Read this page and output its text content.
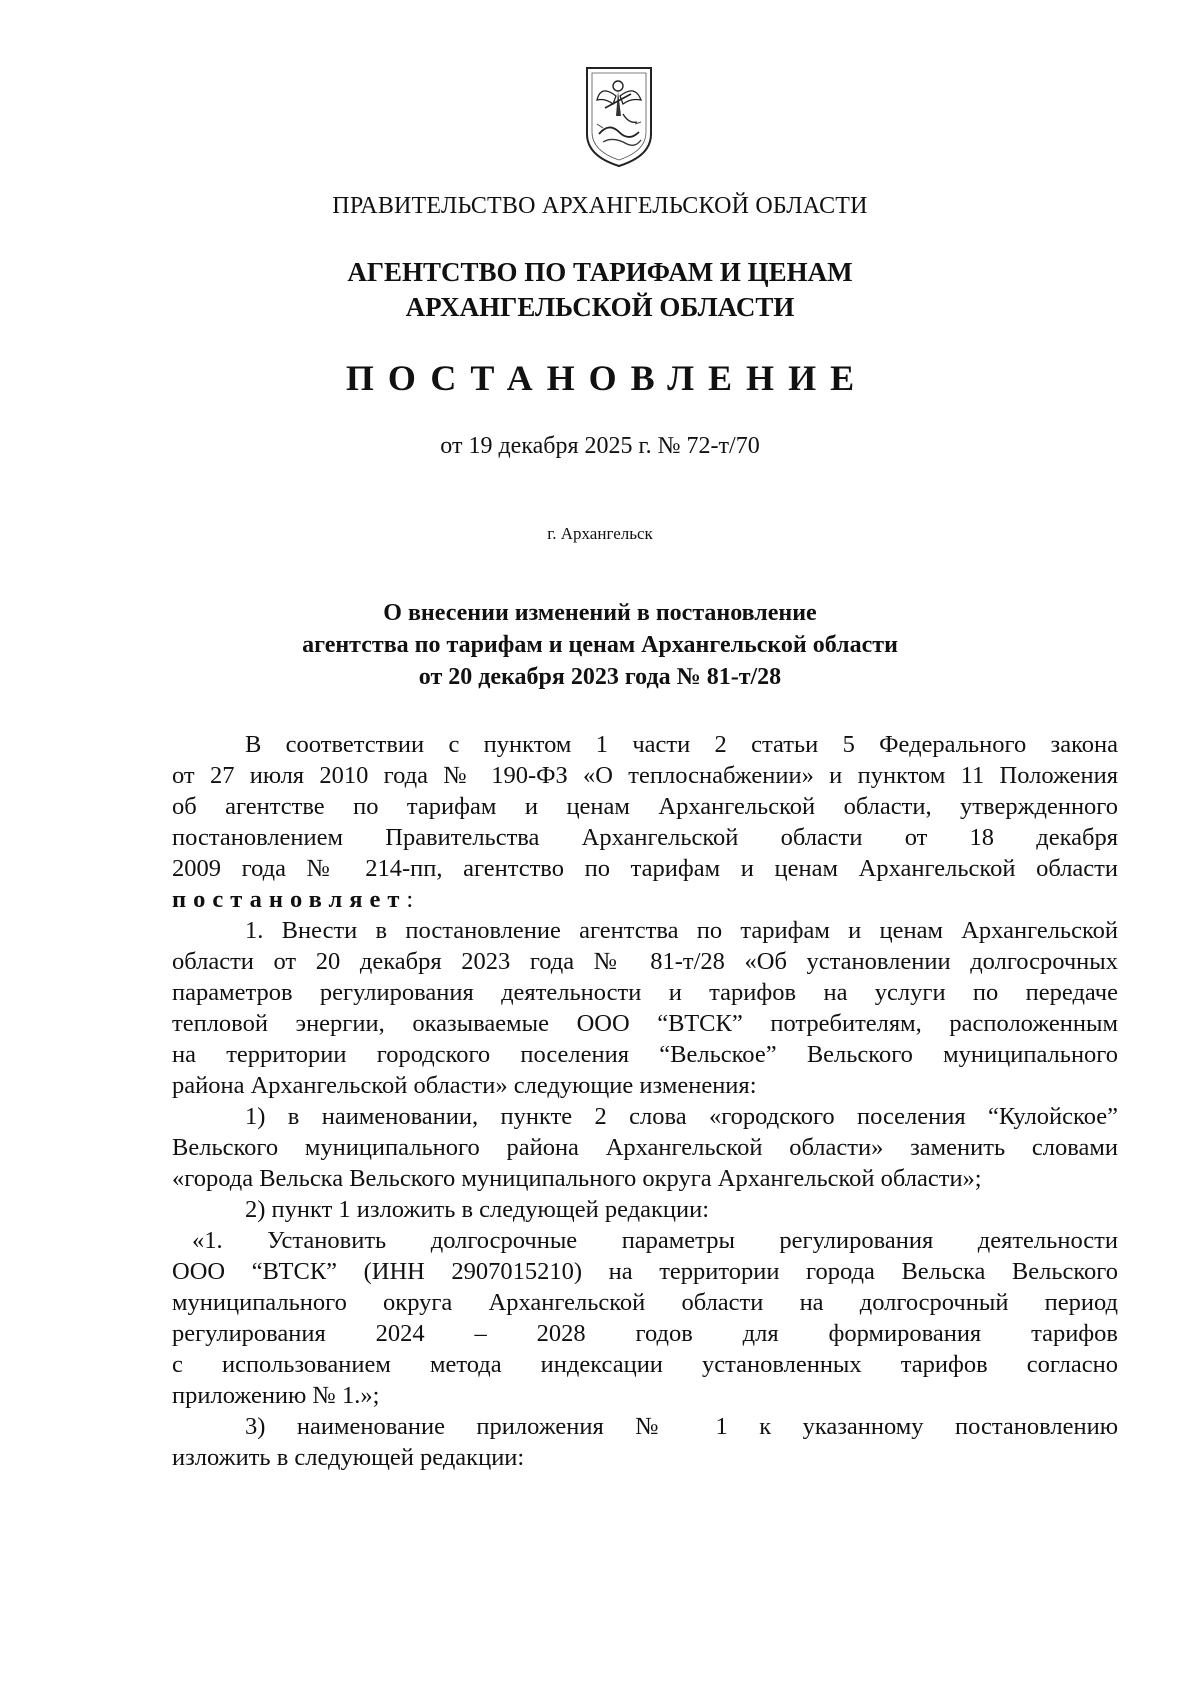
ПРАВИТЕЛЬСТВО АРХАНГЕЛЬСКОЙ ОБЛАСТИ
АГЕНТСТВО ПО ТАРИФАМ И ЦЕНАМ
АРХАНГЕЛЬСКОЙ ОБЛАСТИ
ПОСТАНОВЛЕНИЕ
от 19 декабря 2025 г. № 72-т/70
г. Архангельск
О внесении изменений в постановление
агентства по тарифам и ценам Архангельской области
от 20 декабря 2023 года № 81-т/28
В соответствии с пунктом 1 части 2 статьи 5 Федерального закона
от 27 июля 2010 года № 190-ФЗ «О теплоснабжении» и пунктом 11 Положения
об агентстве по тарифам и ценам Архангельской области, утвержденного
постановлением Правительства Архангельской области от 18 декабря
2009 года № 214-пп, агентство по тарифам и ценам Архангельской области
постановляет:
1. Внести в постановление агентства по тарифам и ценам Архангельской
области от 20 декабря 2023 года № 81-т/28 «Об установлении долгосрочных
параметров регулирования деятельности и тарифов на услуги по передаче
тепловой энергии, оказываемые ООО “ВТСК” потребителям, расположенным
на территории городского поселения “Вельское” Вельского муниципального
района Архангельской области» следующие изменения:
1) в наименовании, пункте 2 слова «городского поселения “Кулойское”
Вельского муниципального района Архангельской области» заменить словами
«города Вельска Вельского муниципального округа Архангельской области»;
2) пункт 1 изложить в следующей редакции:
«1. Установить долгосрочные параметры регулирования деятельности
ООО “ВТСК” (ИНН 2907015210) на территории города Вельска Вельского
муниципального округа Архангельской области на долгосрочный период
регулирования 2024 – 2028 годов для формирования тарифов
с использованием метода индексации установленных тарифов согласно
приложению № 1.»;
3) наименование приложения № 1 к указанному постановлению
изложить в следующей редакции:
